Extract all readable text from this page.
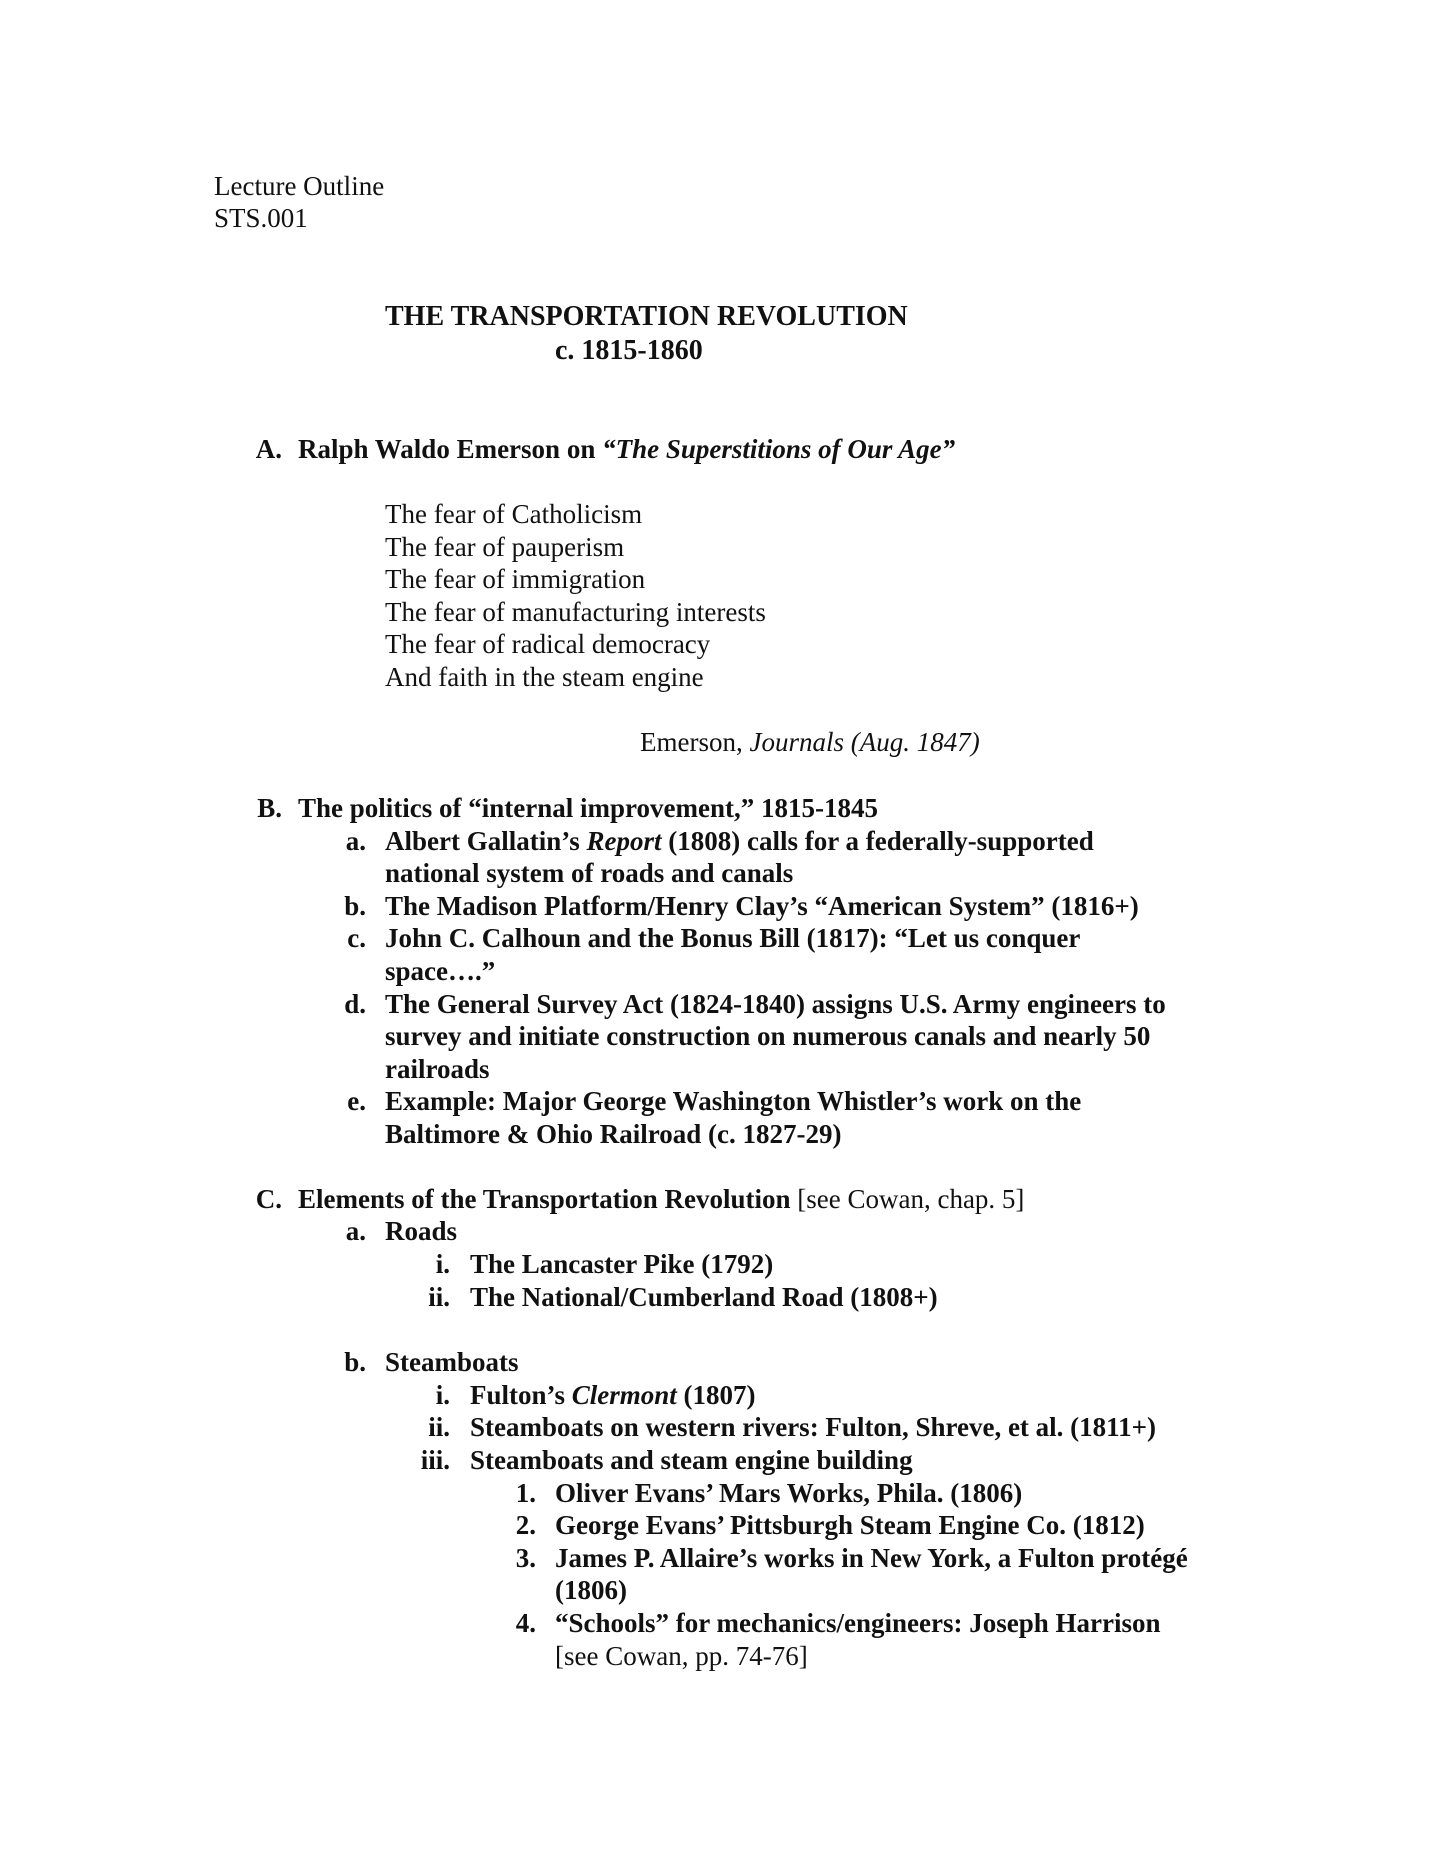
Lecture Outline
STS.001
THE TRANSPORTATION REVOLUTION
c. 1815-1860
A. Ralph Waldo Emerson on “The Superstitions of Our Age”
The fear of Catholicism
The fear of pauperism
The fear of immigration
The fear of manufacturing interests
The fear of radical democracy
And faith in the steam engine
Emerson, Journals (Aug. 1847)
B. The politics of “internal improvement,” 1815-1845
a. Albert Gallatin’s Report (1808) calls for a federally-supported
national system of roads and canals
b. The Madison Platform/Henry Clay’s “American System” (1816+)
c. John C. Calhoun and the Bonus Bill (1817): “Let us conquer
space….”
d. The General Survey Act (1824-1840) assigns U.S. Army engineers to
survey and initiate construction on numerous canals and nearly 50
railroads
e. Example: Major George Washington Whistler’s work on the
Baltimore & Ohio Railroad (c. 1827-29)
C. Elements of the Transportation Revolution [see Cowan, chap. 5]
a. Roads
i. The Lancaster Pike (1792)
ii. The National/Cumberland Road (1808+)
b. Steamboats
i. Fulton’s Clermont (1807)
ii. Steamboats on western rivers: Fulton, Shreve, et al. (1811+)
iii. Steamboats and steam engine building
1. Oliver Evans’ Mars Works, Phila. (1806)
2. George Evans’ Pittsburgh Steam Engine Co. (1812)
3. James P. Allaire’s works in New York, a Fulton protégé
(1806)
4. “Schools” for mechanics/engineers: Joseph Harrison
[see Cowan, pp. 74-76]
